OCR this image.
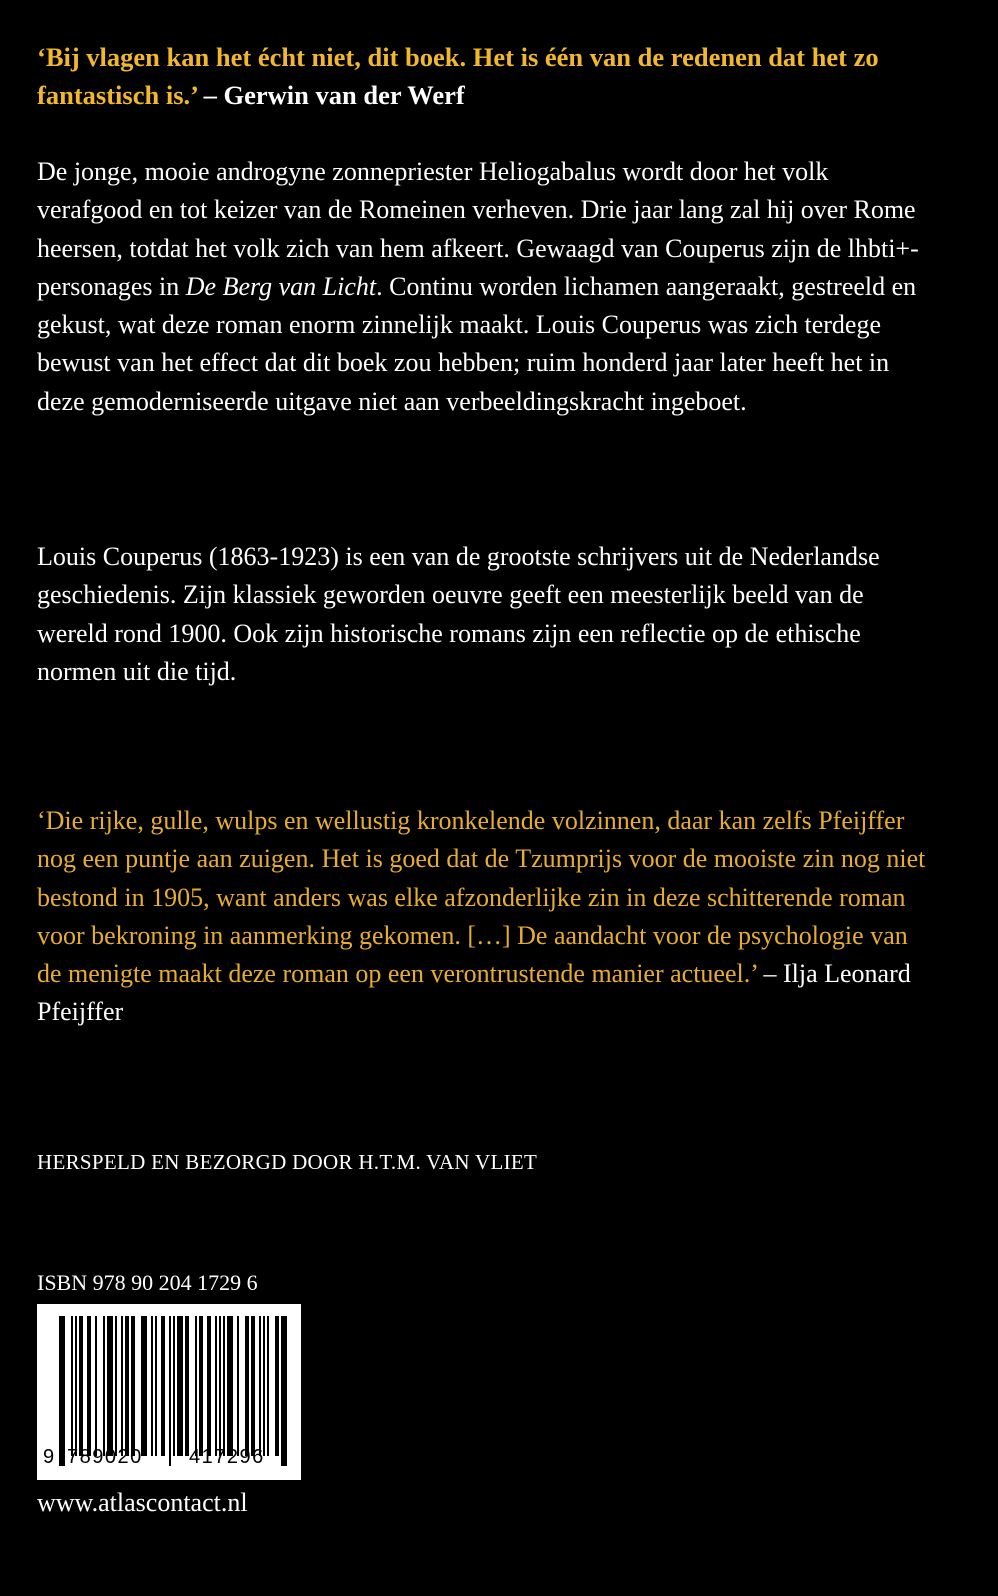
‘Bij vlagen kan het écht niet, dit boek. Het is één van de redenen dat het zo fantastisch is.’ – Gerwin van der Werf

De jonge, mooie androgyne zonnepriester Heliogabalus wordt door het volk verafgood en tot keizer van de Romeinen verheven. Drie jaar lang zal hij over Rome heersen, totdat het volk zich van hem afkeert. Gewaagd van Couperus zijn de lhbti+-personages in De Berg van Licht. Continu worden lichamen aangeraakt, gestreeld en gekust, wat deze roman enorm zinnelijk maakt. Louis Couperus was zich terdege bewust van het effect dat dit boek zou hebben; ruim honderd jaar later heeft het in deze gemoderniseerde uitgave niet aan verbeeldingskracht ingeboet.

Louis Couperus (1863-1923) is een van de grootste schrijvers uit de Nederlandse geschiedenis. Zijn klassiek geworden oeuvre geeft een meesterlijk beeld van de wereld rond 1900. Ook zijn historische romans zijn een reflectie op de ethische normen uit die tijd.

‘Die rijke, gulle, wulps en wellustig kronkelende volzinnen, daar kan zelfs Pfeijffer nog een puntje aan zuigen. Het is goed dat de Tzumprijs voor de mooiste zin nog niet bestond in 1905, want anders was elke afzonderlijke zin in deze schitterende roman voor bekroning in aanmerking gekomen. […] De aandacht voor de psychologie van de menigte maakt deze roman op een verontrustende manier actueel.’ – Ilja Leonard Pfeijffer
HERSPELD EN BEZORGD DOOR H.T.M. VAN VLIET
ISBN 978 90 204 1729 6
9 789020 417296
www.atlascontact.nl
